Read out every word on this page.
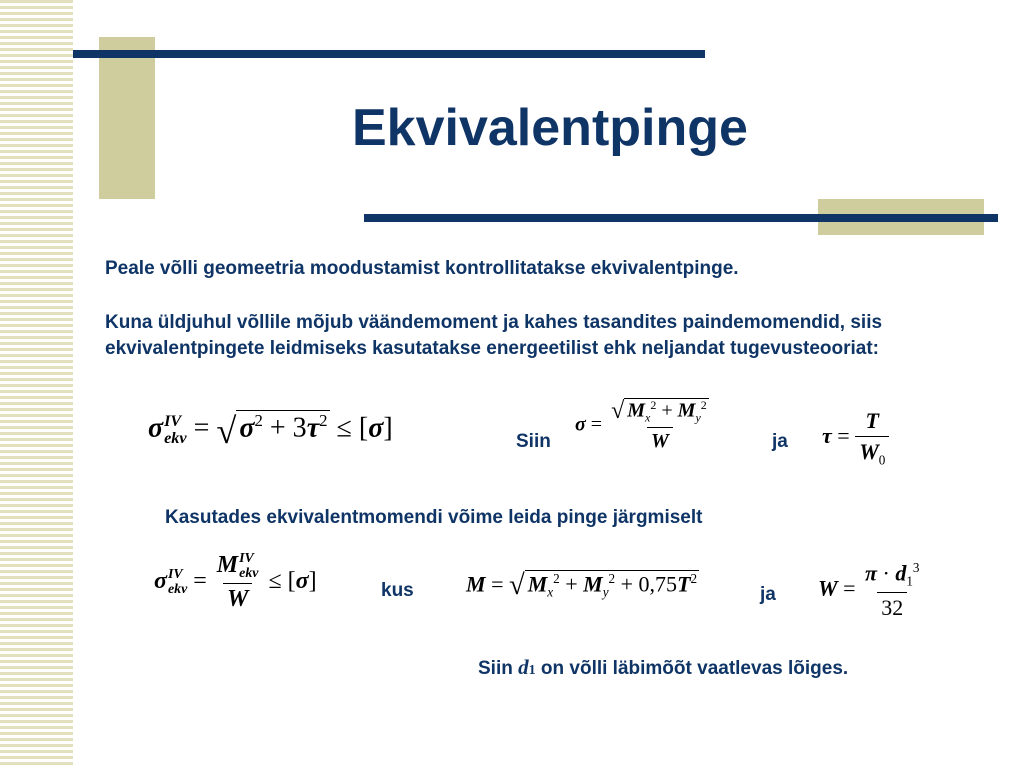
Ekvivalentpinge

Peale võlli geomeetria moodustamist kontrollitatakse ekvivalentpinge.

Kuna üldjuhul võllile mõjub väändemoment ja kahes tasandites paindemomendid, siis ekvivalentpingete leidmiseks kasutatakse energeetilist ehk neljandat tugevusteooriat:

σ IV
ekv = √ $\sigma^2 + 3\tau^2 \le [\sigma]$	Siin
$\sigma = \frac{√ M_x^2 + M_y^2}{W}$	ja $\tau = \frac{T}{W_0}$

Kasutades ekvivalentmomendi võime leida pinge järgmiselt

σ IV
ekv = M IV
ekv
W ≤ [σ]	kus M = √ $M_x^2 + M_y^2 + 0,75T^2$
ja $W = \frac{\pi \cdot d_1^3}{32}$
Siin d1 on võlli läbimõõt vaatlevas lõiges.
